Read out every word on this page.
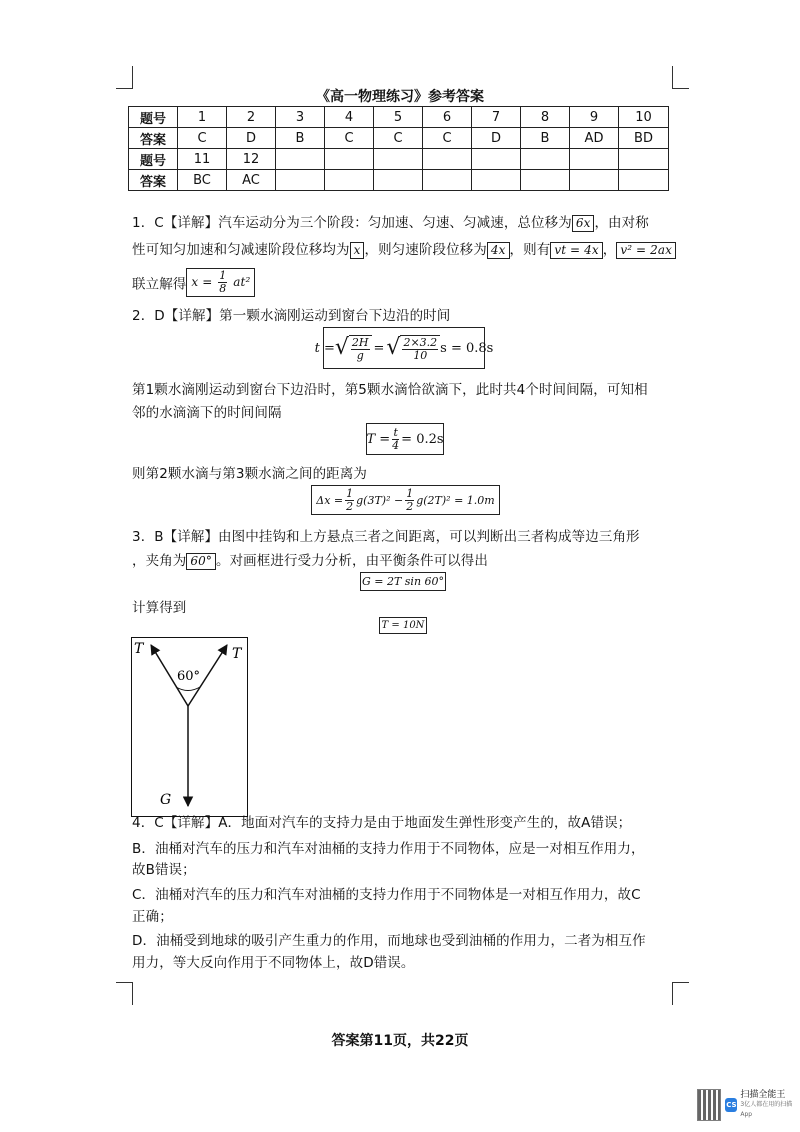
《高一物理练习》参考答案
题号	1	2	3	4	5	6	7	8	9	10
答案	C	D	B	C	C	C	D	B	AD	BD
题号	11	12								
答案	BC	AC								
1．C【详解】汽车运动分为三个阶段：匀加速、匀速、匀减速，总位移为 6x ，由对称
性可知匀加速和匀减速阶段位移均为 x ，则匀速阶段位移为 4x ，则有 vt = 4x ， v² = 2ax
联立解得 $x = \frac{1}{8} at^2$
2．D【详解】第一颗水滴刚运动到窗台下边沿的时间
t = √ $\frac{2H}{g}$ = √ $\frac{2\times 3.2}{10}$ s = 0.8s
第1颗水滴刚运动到窗台下边沿时，第5颗水滴恰欲滴下，此时共4个时间间隔，可知相
邻的水滴滴下的时间间隔
$T = \frac{t}{4} = 0.2s$
则第2颗水滴与第3颗水滴之间的距离为
$\Delta x = \frac{1}{2} g(3T)^2 - \frac{1}{2} g(2T)^2 = 1.0m$
3．B【详解】由图中挂钩和上方悬点三者之间距离，可以判断出三者构成等边三角形
，夹角为 60° 。对画框进行受力分析，由平衡条件可以得出
G = 2T sin 60°
计算得到
T = 10N
T	T
60°
G
4．C【详解】A．地面对汽车的支持力是由于地面发生弹性形变产生的，故A错误；
B．油桶对汽车的压力和汽车对油桶的支持力作用于不同物体，应是一对相互作用力，
故B错误；
C．油桶对汽车的压力和汽车对油桶的支持力作用于不同物体是一对相互作用力，故C
正确；
D．油桶受到地球的吸引产生重力的作用，而地球也受到油桶的作用力，二者为相互作
用力，等大反向作用于不同物体上，故D错误。
答案第11页，共22页
CS
扫描全能王
3亿人都在用的扫描App
